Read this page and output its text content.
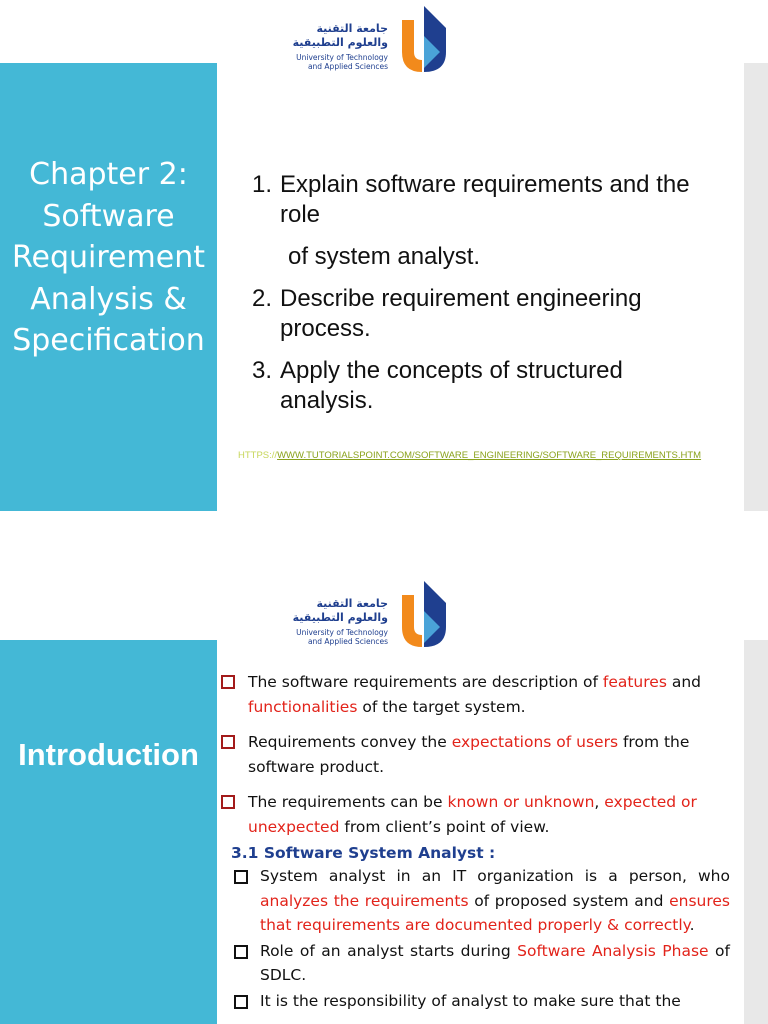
جامعة التقنية
والعلوم التطبيقية
University of Technology
and Applied Sciences
Chapter 2: Software Requirement Analysis & Specification
1. Explain software requirements and the role
of system analyst.
2. Describe requirement engineering process.
3. Apply the concepts of structured analysis.
HTTPS://WWW.TUTORIALSPOINT.COM/SOFTWARE_ENGINEERING/SOFTWARE_REQUIREMENTS.HTM
جامعة التقنية
والعلوم التطبيقية
University of Technology
and Applied Sciences
Introduction
The software requirements are description of features and functionalities of the target system.
Requirements convey the expectations of users from the software product.
The requirements can be known or unknown, expected or unexpected from client’s point of view.
3.1 Software System Analyst :
System analyst in an IT organization is a person, who analyzes the requirements of proposed system and ensures that requirements are documented properly & correctly.
Role of an analyst starts during Software Analysis Phase of SDLC.
It is the responsibility of analyst to make sure that the
